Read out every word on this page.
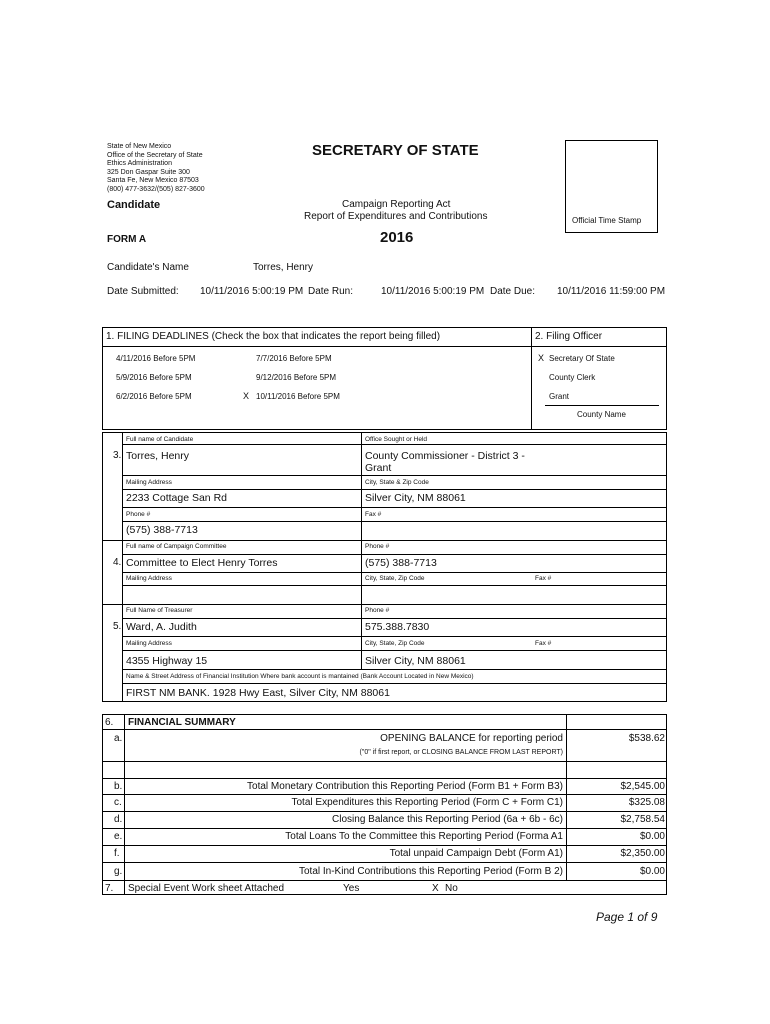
State of New Mexico
Office of the Secretary of State
Ethics Administration
325 Don Gaspar Suite 300
Santa Fe, New Mexico 87503
(800) 477-3632/(505) 827-3600
SECRETARY OF STATE
Candidate	Campaign Reporting Act
Report of Expenditures and Contributions
FORM A	2016
Official Time Stamp
Candidate's Name	Torres, Henry
Date Submitted: 10/11/2016 5:00:19 PM Date Run:	10/11/2016 5:00:19 PM Date Due: 10/11/2016 11:59:00 PM
1. FILING DEADLINES (Check the box that indicates the report being filled)	2. Filing Officer
4/11/2016 Before 5PM
5/9/2016 Before 5PM
6/2/2016 Before 5PM
7/7/2016 Before 5PM
9/12/2016 Before 5PM
X 10/11/2016 Before 5PM
X Secretary Of State
County Clerk
Grant
County Name
3.
Full name of Candidate
Torres, Henry
Office Sought or Held
County Commissioner - District 3 -
Grant
Mailing Address
2233 Cottage San Rd
City, State & Zip Code
Silver City, NM 88061
Phone #
(575) 388-7713
Fax #
4.
Full name of Campaign Committee
Committee to Elect Henry Torres
Phone #
(575) 388-7713
Mailing Address	City, State, Zip Code	Fax #
5.
Full Name of Treasurer
Ward, A. Judith
Phone #
575.388.7830
Mailing Address
4355 Highway 15
City, State, Zip Code
Silver City, NM 88061
Fax #
Name & Street Address of Financial Institution Where bank account is mantained (Bank Account Located in New Mexico)
FIRST NM BANK. 1928 Hwy East, Silver City, NM 88061
6. FINANCIAL SUMMARY
a.	OPENING BALANCE for reporting period
("0" if first report, or CLOSING BALANCE FROM LAST REPORT)
$538.62
b.	Total Monetary Contribution this Reporting Period (Form B1 + Form B3)	$2,545.00
c.	Total Expenditures this Reporting Period (Form C + Form C1)	$325.08
d.	Closing Balance this Reporting Period (6a + 6b - 6c)	$2,758.54
e.	Total Loans To the Committee this Reporting Period (Forma A1	$0.00
f.	Total unpaid Campaign Debt (Form A1)	$2,350.00
g.	Total In-Kind Contributions this Reporting Period (Form B 2)	$0.00
7. Special Event Work sheet Attached	Yes	X No
Page 1 of 9
